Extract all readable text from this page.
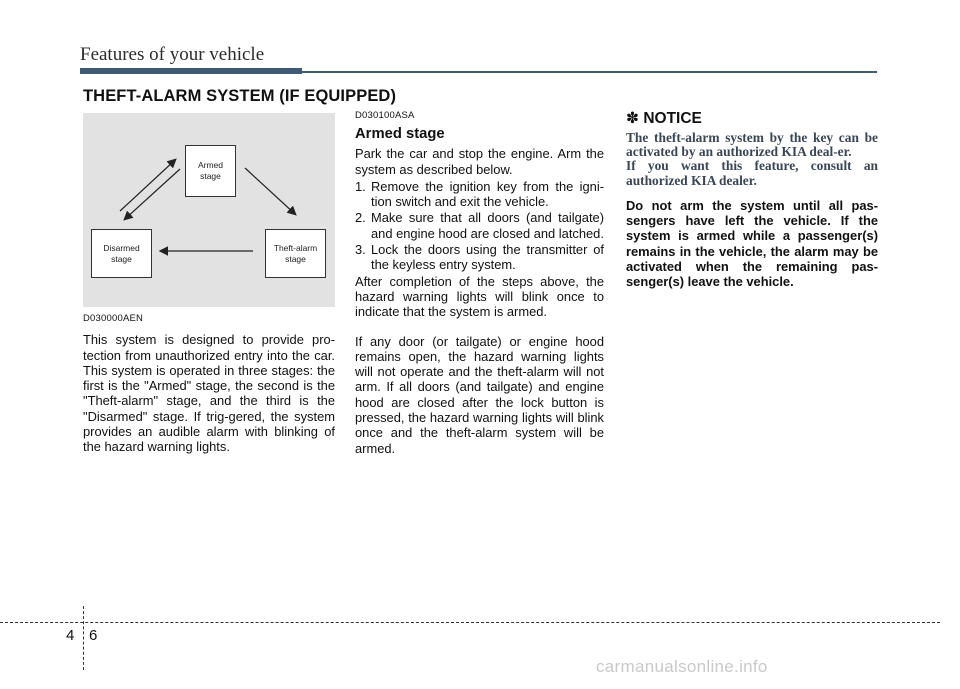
Features of your vehicle
THEFT-ALARM SYSTEM (IF EQUIPPED)
Armed
stage
Disarmed
stage
Theft-alarm
stage
D030000AEN

This system is designed to provide pro-tection from unauthorized entry into the car. This system is operated in three stages: the first is the "Armed" stage, the second is the "Theft-alarm" stage, and the third is the "Disarmed" stage. If trig-gered, the system provides an audible alarm with blinking of the hazard warning lights.

D030100ASA
Armed stage

Park the car and stop the engine. Arm the system as described below.

1. Remove the ignition key from the igni-tion switch and exit the vehicle.
2. Make sure that all doors (and tailgate) and engine hood are closed and latched.
3. Lock the doors using the transmitter of the keyless entry system.

After completion of the steps above, the hazard warning lights will blink once to indicate that the system is armed.

If any door (or tailgate) or engine hood remains open, the hazard warning lights will not operate and the theft-alarm will not arm. If all doors (and tailgate) and engine hood are closed after the lock button is pressed, the hazard warning lights will blink once and the theft-alarm system will be armed.

✽ NOTICE
The theft-alarm system by the key can be activated by an authorized KIA deal-er.
If you want this feature, consult an authorized KIA dealer.
Do not arm the system until all pas-sengers have left the vehicle. If the system is armed while a passenger(s) remains in the vehicle, the alarm may be activated when the remaining pas-senger(s) leave the vehicle.
4 6
carmanualsonline.info
